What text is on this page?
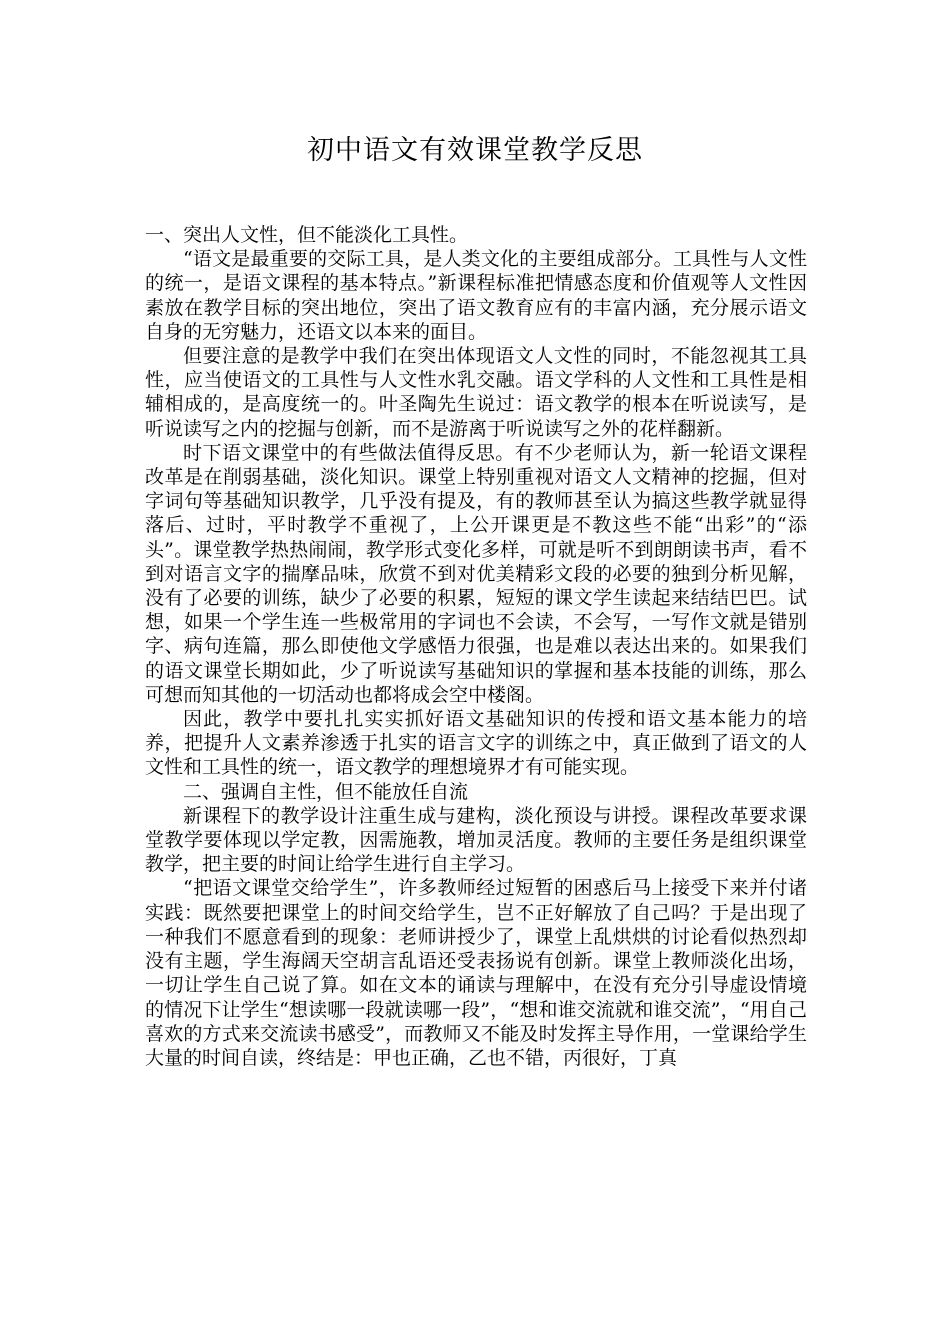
初中语文有效课堂教学反思

一、突出人文性，但不能淡化工具性。

“语文是最重要的交际工具，是人类文化的主要组成部分。工具性与人文性的统一，是语文课程的基本特点。”新课程标准把情感态度和价值观等人文性因素放在教学目标的突出地位，突出了语文教育应有的丰富内涵，充分展示语文自身的无穷魅力，还语文以本来的面目。

但要注意的是教学中我们在突出体现语文人文性的同时，不能忽视其工具性，应当使语文的工具性与人文性水乳交融。语文学科的人文性和工具性是相辅相成的，是高度统一的。叶圣陶先生说过：语文教学的根本在听说读写，是听说读写之内的挖掘与创新，而不是游离于听说读写之外的花样翻新。

时下语文课堂中的有些做法值得反思。有不少老师认为，新一轮语文课程改革是在削弱基础，淡化知识。课堂上特别重视对语文人文精神的挖掘，但对字词句等基础知识教学，几乎没有提及，有的教师甚至认为搞这些教学就显得落后、过时，平时教学不重视了，上公开课更是不教这些不能“出彩”的“添头”。课堂教学热热闹闹，教学形式变化多样，可就是听不到朗朗读书声，看不到对语言文字的揣摩品味，欣赏不到对优美精彩文段的必要的独到分析见解，没有了必要的训练，缺少了必要的积累，短短的课文学生读起来结结巴巴。试想，如果一个学生连一些极常用的字词也不会读，不会写，一写作文就是错别字、病句连篇，那么即使他文学感悟力很强，也是难以表达出来的。如果我们的语文课堂长期如此，少了听说读写基础知识的掌握和基本技能的训练，那么可想而知其他的一切活动也都将成会空中楼阁。

因此，教学中要扎扎实实抓好语文基础知识的传授和语文基本能力的培养，把提升人文素养渗透于扎实的语言文字的训练之中，真正做到了语文的人文性和工具性的统一，语文教学的理想境界才有可能实现。

二、强调自主性，但不能放任自流

新课程下的教学设计注重生成与建构，淡化预设与讲授。课程改革要求课堂教学要体现以学定教，因需施教，增加灵活度。教师的主要任务是组织课堂教学，把主要的时间让给学生进行自主学习。

“把语文课堂交给学生”，许多教师经过短暂的困惑后马上接受下来并付诸实践：既然要把课堂上的时间交给学生，岂不正好解放了自己吗？于是出现了一种我们不愿意看到的现象：老师讲授少了，课堂上乱烘烘的讨论看似热烈却没有主题，学生海阔天空胡言乱语还受表扬说有创新。课堂上教师淡化出场，一切让学生自己说了算。如在文本的诵读与理解中，在没有充分引导虚设情境的情况下让学生“想读哪一段就读哪一段”，“想和谁交流就和谁交流”，“用自己喜欢的方式来交流读书感受”，而教师又不能及时发挥主导作用，一堂课给学生大量的时间自读，终结是：甲也正确，乙也不错，丙很好，丁真
